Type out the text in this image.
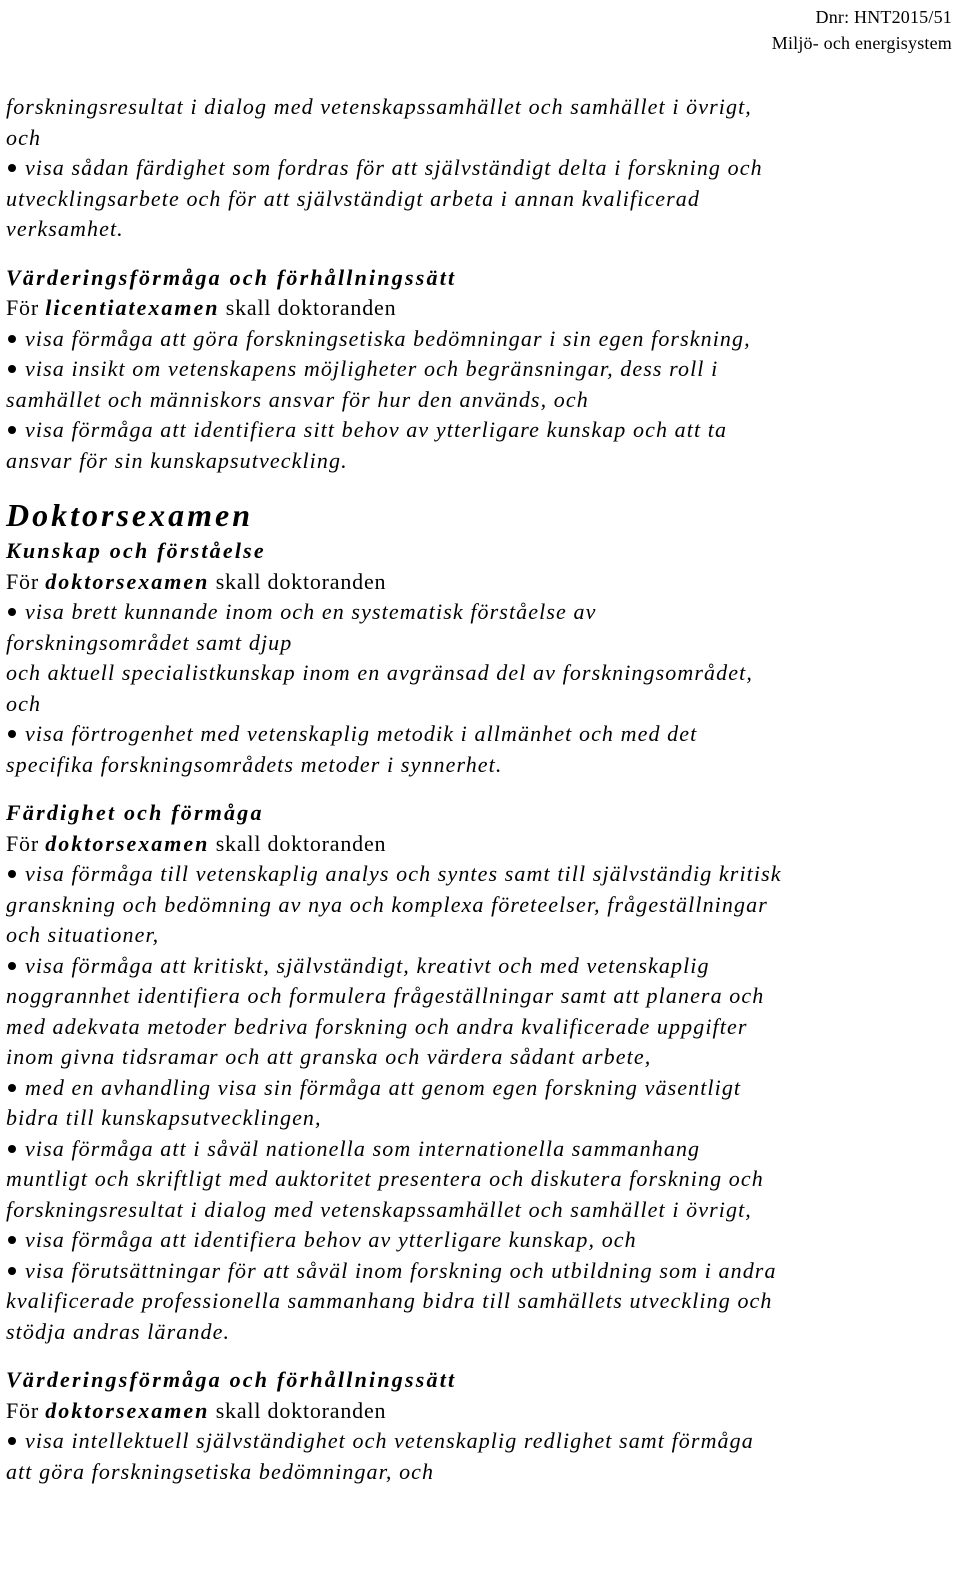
Dnr: HNT2015/51
Miljö- och energisystem
forskningsresultat i dialog med vetenskapssamhället och samhället i övrigt,
och
visa sådan färdighet som fordras för att självständigt delta i forskning och
utvecklingsarbete och för att självständigt arbeta i annan kvalificerad
verksamhet.
Värderingsförmåga och förhållningssätt
För licentiatexamen skall doktoranden
visa förmåga att göra forskningsetiska bedömningar i sin egen forskning,
visa insikt om vetenskapens möjligheter och begränsningar, dess roll i
samhället och människors ansvar för hur den används, och
visa förmåga att identifiera sitt behov av ytterligare kunskap och att ta
ansvar för sin kunskapsutveckling.
Doktorsexamen
Kunskap och förståelse
För doktorsexamen skall doktoranden
visa brett kunnande inom och en systematisk förståelse av
forskningsområdet samt djup
och aktuell specialistkunskap inom en avgränsad del av forskningsområdet,
och
visa förtrogenhet med vetenskaplig metodik i allmänhet och med det
specifika forskningsområdets metoder i synnerhet.
Färdighet och förmåga
För doktorsexamen skall doktoranden
visa förmåga till vetenskaplig analys och syntes samt till självständig kritisk
granskning och bedömning av nya och komplexa företeelser, frågeställningar
och situationer,
visa förmåga att kritiskt, självständigt, kreativt och med vetenskaplig
noggrannhet identifiera och formulera frågeställningar samt att planera och
med adekvata metoder bedriva forskning och andra kvalificerade uppgifter
inom givna tidsramar och att granska och värdera sådant arbete,
med en avhandling visa sin förmåga att genom egen forskning väsentligt
bidra till kunskapsutvecklingen,
visa förmåga att i såväl nationella som internationella sammanhang
muntligt och skriftligt med auktoritet presentera och diskutera forskning och
forskningsresultat i dialog med vetenskapssamhället och samhället i övrigt,
visa förmåga att identifiera behov av ytterligare kunskap, och
visa förutsättningar för att såväl inom forskning och utbildning som i andra
kvalificerade professionella sammanhang bidra till samhällets utveckling och
stödja andras lärande.
Värderingsförmåga och förhållningssätt
För doktorsexamen skall doktoranden
visa intellektuell självständighet och vetenskaplig redlighet samt förmåga
att göra forskningsetiska bedömningar, och
